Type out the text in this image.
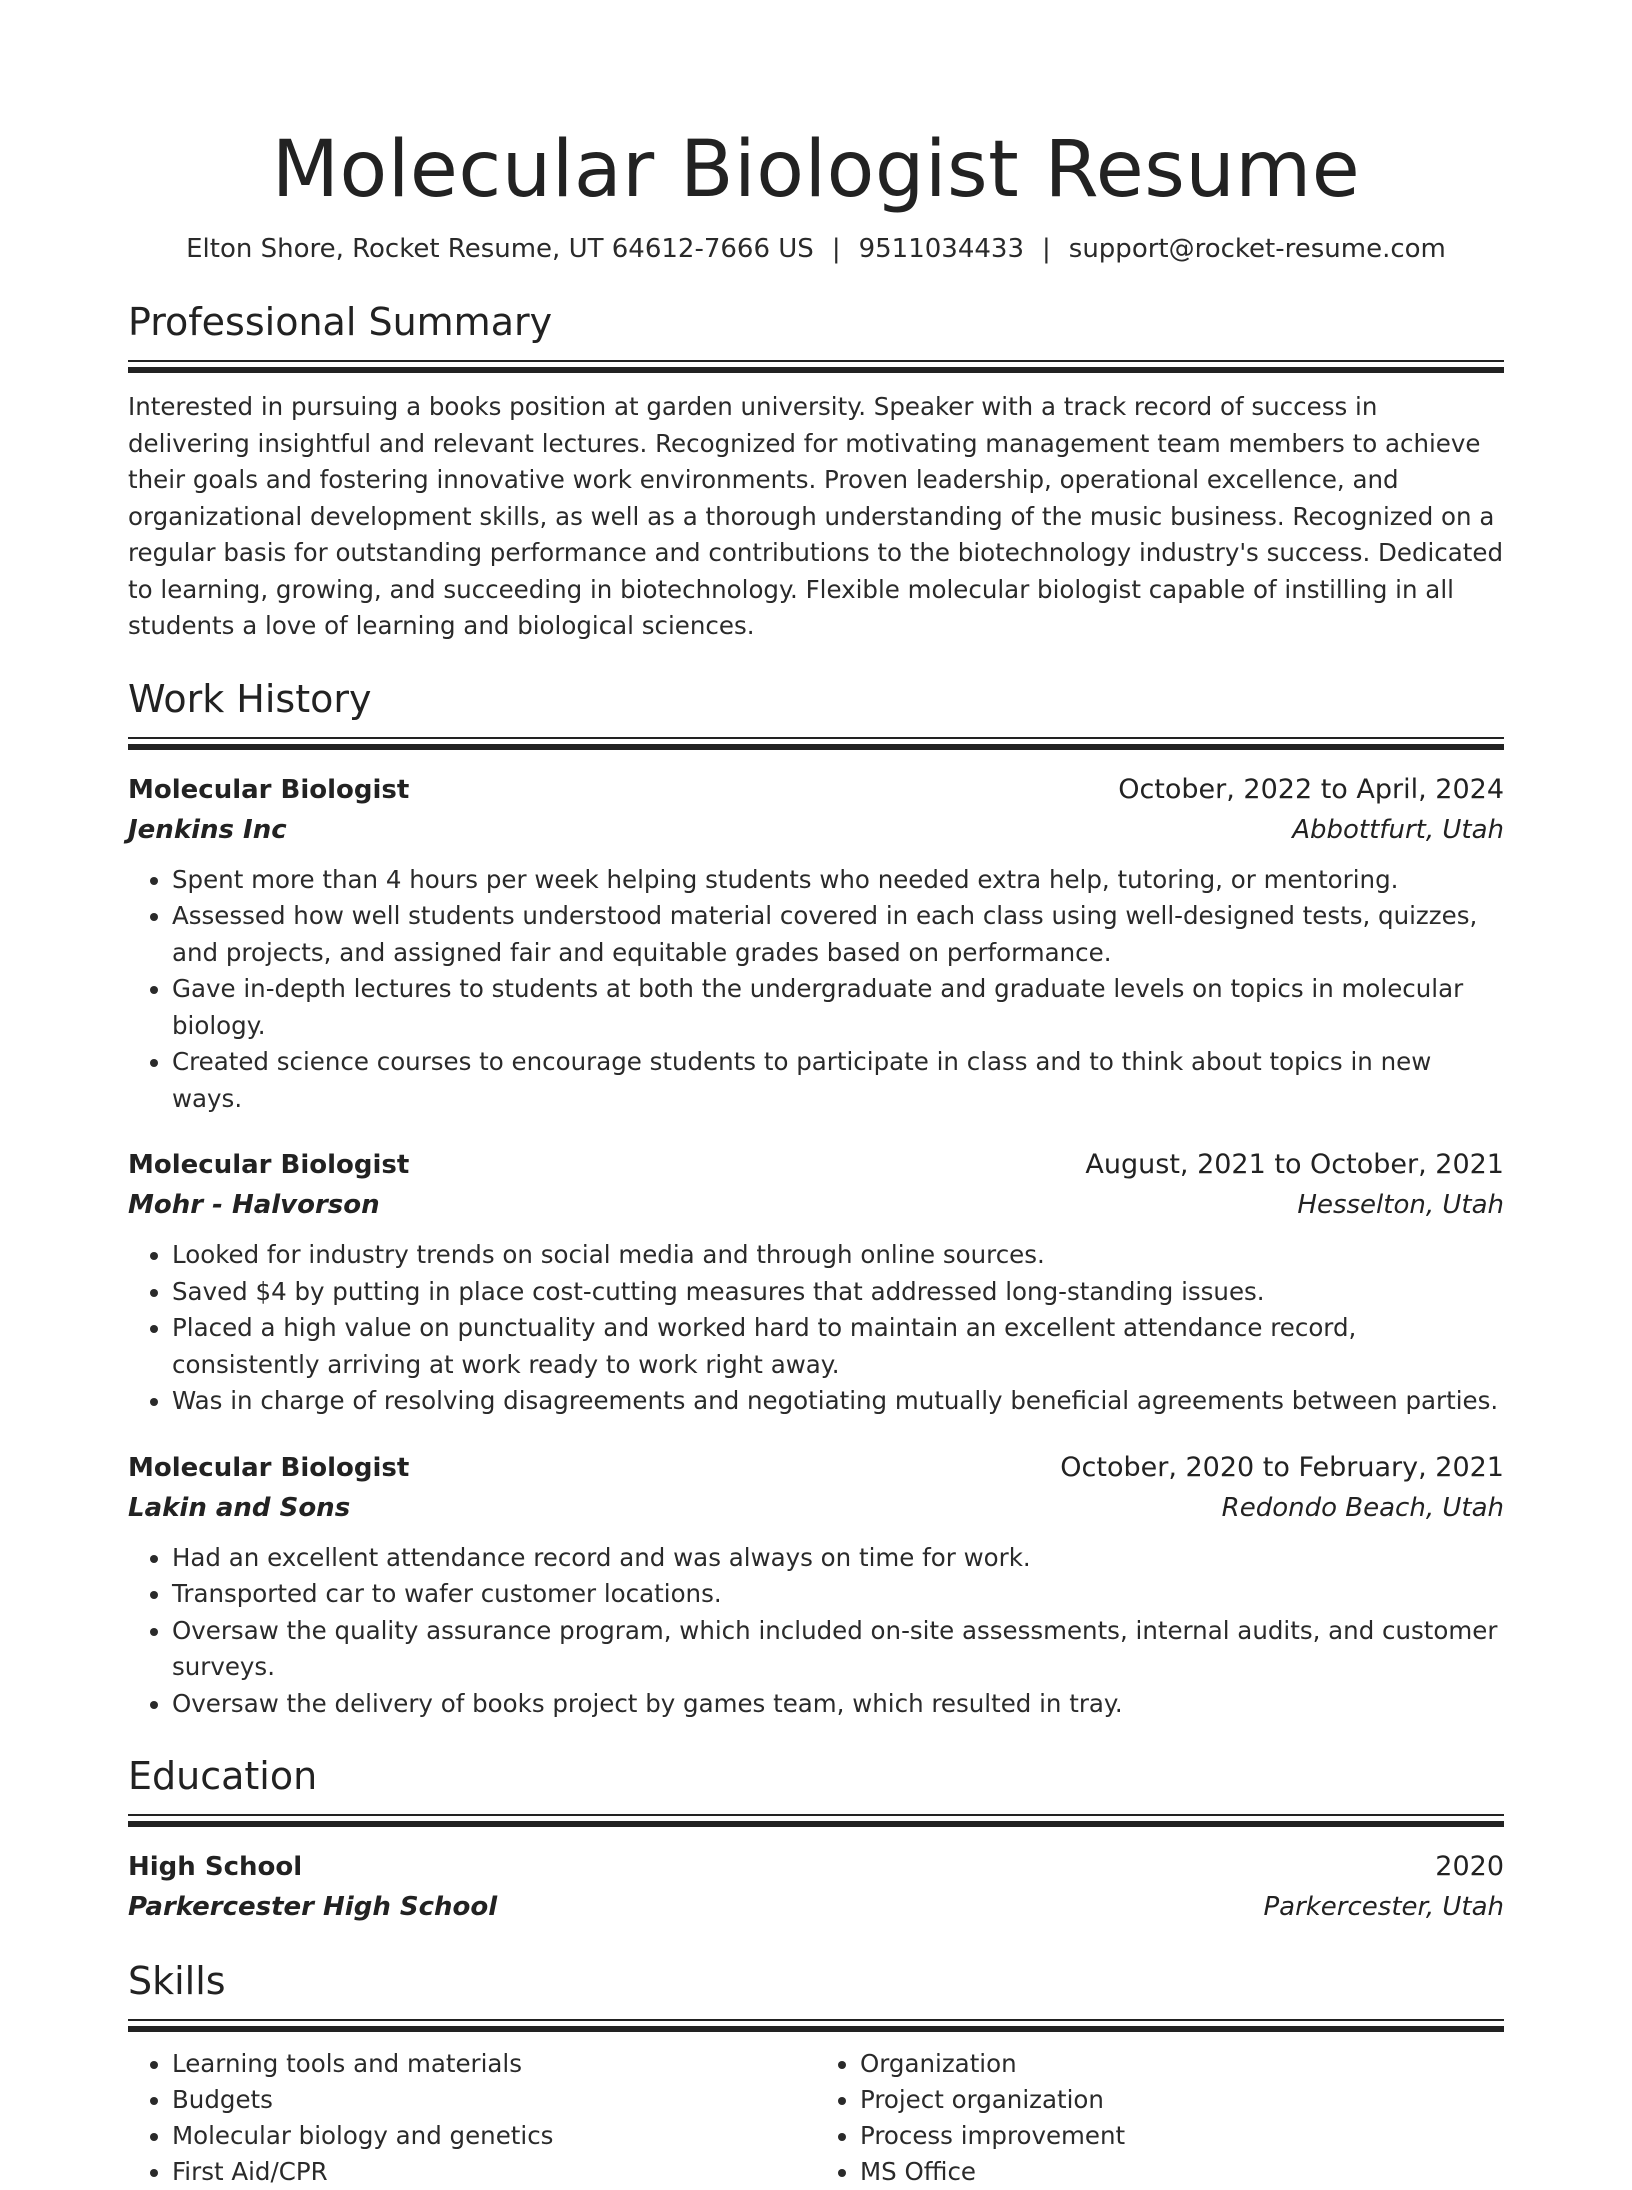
Molecular Biologist Resume
Elton Shore, Rocket Resume, UT 64612-7666 US | 9511034433 | support@rocket-resume.com
Professional Summary
Interested in pursuing a books position at garden university. Speaker with a track record of success in delivering insightful and relevant lectures. Recognized for motivating management team members to achieve their goals and fostering innovative work environments. Proven leadership, operational excellence, and organizational development skills, as well as a thorough understanding of the music business. Recognized on a regular basis for outstanding performance and contributions to the biotechnology industry's success. Dedicated to learning, growing, and succeeding in biotechnology. Flexible molecular biologist capable of instilling in all students a love of learning and biological sciences.
Work History
Molecular Biologist	October, 2022 to April, 2024
Jenkins Inc	Abbottfurt, Utah
• Spent more than 4 hours per week helping students who needed extra help, tutoring, or mentoring.
• Assessed how well students understood material covered in each class using well-designed tests, quizzes, and projects, and assigned fair and equitable grades based on performance.
• Gave in-depth lectures to students at both the undergraduate and graduate levels on topics in molecular biology.
• Created science courses to encourage students to participate in class and to think about topics in new ways.
Molecular Biologist	August, 2021 to October, 2021
Mohr - Halvorson	Hesselton, Utah
• Looked for industry trends on social media and through online sources.
• Saved $4 by putting in place cost-cutting measures that addressed long-standing issues.
• Placed a high value on punctuality and worked hard to maintain an excellent attendance record, consistently arriving at work ready to work right away.
• Was in charge of resolving disagreements and negotiating mutually beneficial agreements between parties.
Molecular Biologist	October, 2020 to February, 2021
Lakin and Sons	Redondo Beach, Utah
• Had an excellent attendance record and was always on time for work.
• Transported car to wafer customer locations.
• Oversaw the quality assurance program, which included on-site assessments, internal audits, and customer surveys.
• Oversaw the delivery of books project by games team, which resulted in tray.
Education
High School	2020
Parkercester High School	Parkercester, Utah
Skills
• Learning tools and materials
• Budgets
• Molecular biology and genetics
• First Aid/CPR
• Organization
• Project organization
• Process improvement
• MS Office
